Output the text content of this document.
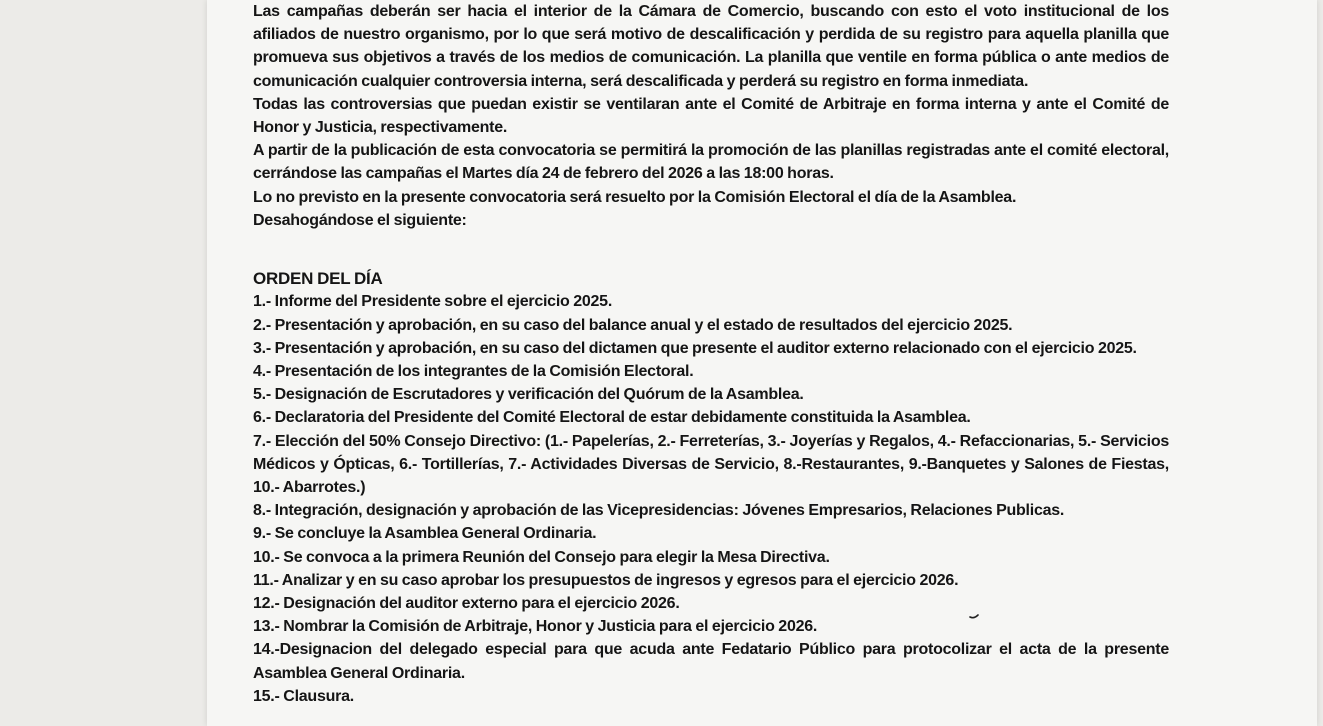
Las campañas deberán ser hacia el interior de la Cámara de Comercio, buscando con esto el voto institucional de los afiliados de nuestro organismo, por lo que será motivo de descalificación y perdida de su registro para aquella planilla que promueva sus objetivos a través de los medios de comunicación. La planilla que ventile en forma pública o ante medios de comunicación cualquier controversia interna, será descalificada y perderá su registro en forma inmediata.

Todas las controversias que puedan existir se ventilaran ante el Comité de Arbitraje en forma interna y ante el Comité de Honor y Justicia, respectivamente.

A partir de la publicación de esta convocatoria se permitirá la promoción de las planillas registradas ante el comité electoral, cerrándose las campañas el Martes día 24 de febrero del 2026 a las 18:00 horas.

Lo no previsto en la presente convocatoria será resuelto por la Comisión Electoral el día de la Asamblea.

Desahogándose el siguiente:

ORDEN DEL DÍA

1.- Informe del Presidente sobre el ejercicio 2025.

2.- Presentación y aprobación, en su caso del balance anual y el estado de resultados del ejercicio 2025.

3.- Presentación y aprobación, en su caso del dictamen que presente el auditor externo relacionado con el ejercicio 2025.

4.- Presentación de los integrantes de la Comisión Electoral.

5.- Designación de Escrutadores y verificación del Quórum de la Asamblea.

6.- Declaratoria del Presidente del Comité Electoral de estar debidamente constituida la Asamblea.

7.- Elección del 50% Consejo Directivo: (1.- Papelerías, 2.- Ferreterías, 3.- Joyerías y Regalos, 4.- Refaccionarias, 5.- Servicios Médicos y Ópticas, 6.- Tortillerías, 7.- Actividades Diversas de Servicio, 8.-Restaurantes, 9.-Banquetes y Salones de Fiestas, 10.- Abarrotes.)

8.- Integración, designación y aprobación de las Vicepresidencias: Jóvenes Empresarios, Relaciones Publicas.

9.- Se concluye la Asamblea General Ordinaria.

10.- Se convoca a la primera Reunión del Consejo para elegir la Mesa Directiva.

11.- Analizar y en su caso aprobar los presupuestos de ingresos y egresos para el ejercicio 2026.

12.- Designación del auditor externo para el ejercicio 2026.

13.- Nombrar la Comisión de Arbitraje, Honor y Justicia para el ejercicio 2026.

14.-Designacion del delegado especial para que acuda ante Fedatario Público para protocolizar el acta de la presente Asamblea General Ordinaria.

15.- Clausura.
